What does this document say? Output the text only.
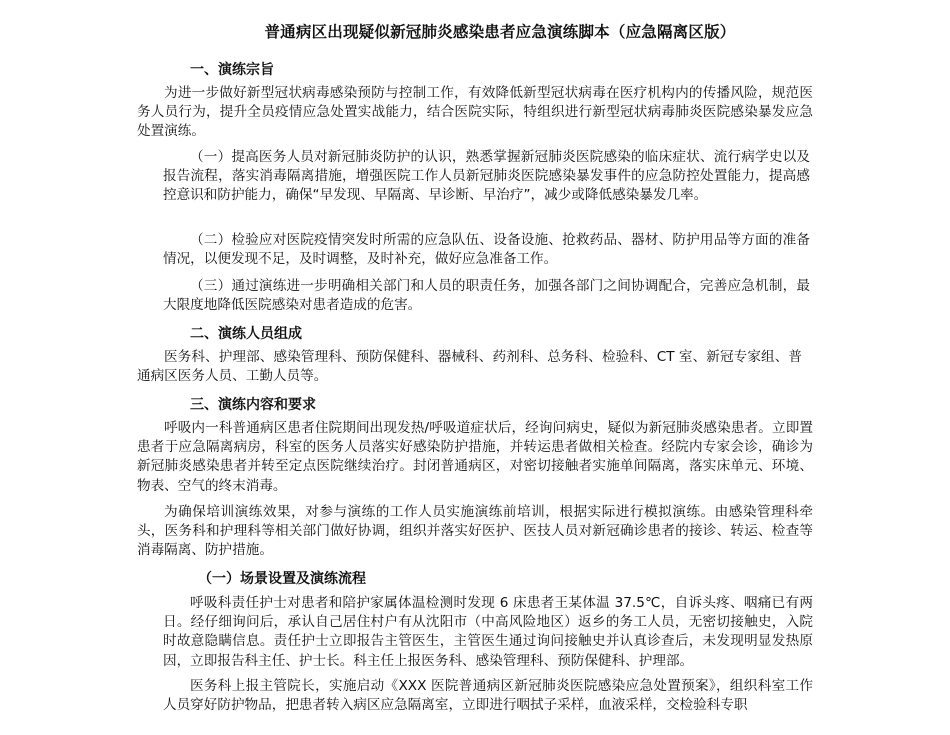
普通病区出现疑似新冠肺炎感染患者应急演练脚本（应急隔离区版）
一、演练宗旨
为进一步做好新型冠状病毒感染预防与控制工作，有效降低新型冠状病毒在医疗机构内的传播风险，规范医务人员行为，提升全员疫情应急处置实战能力，结合医院实际，特组织进行新型冠状病毒肺炎医院感染暴发应急处置演练。
（一）提高医务人员对新冠肺炎防护的认识，熟悉掌握新冠肺炎医院感染的临床症状、流行病学史以及报告流程，落实消毒隔离措施，增强医院工作人员新冠肺炎医院感染暴发事件的应急防控处置能力，提高感控意识和防护能力，确保“早发现、早隔离、早诊断、早治疗”，减少或降低感染暴发几率。
（二）检验应对医院疫情突发时所需的应急队伍、设备设施、抢救药品、器材、防护用品等方面的准备情况，以便发现不足，及时调整，及时补充，做好应急准备工作。
（三）通过演练进一步明确相关部门和人员的职责任务，加强各部门之间协调配合，完善应急机制，最大限度地降低医院感染对患者造成的危害。
二、演练人员组成
医务科、护理部、感染管理科、预防保健科、器械科、药剂科、总务科、检验科、CT 室、新冠专家组、普通病区医务人员、工勤人员等。
三、演练内容和要求
呼吸内一科普通病区患者住院期间出现发热/呼吸道症状后，经询问病史，疑似为新冠肺炎感染患者。立即置患者于应急隔离病房，科室的医务人员落实好感染防护措施，并转运患者做相关检查。经院内专家会诊，确诊为新冠肺炎感染患者并转至定点医院继续治疗。封闭普通病区，对密切接触者实施单间隔离，落实床单元、环境、物表、空气的终末消毒。
为确保培训演练效果，对参与演练的工作人员实施演练前培训，根据实际进行模拟演练。由感染管理科牵头，医务科和护理科等相关部门做好协调，组织并落实好医护、医技人员对新冠确诊患者的接诊、转运、检查等消毒隔离、防护措施。
（一）场景设置及演练流程
呼吸科责任护士对患者和陪护家属体温检测时发现 6 床患者王某体温 37.5℃，自诉头疼、咽痛已有两日。经仔细询问后，承认自己居住村户有从沈阳市（中高风险地区）返乡的务工人员，无密切接触史，入院时故意隐瞒信息。责任护士立即报告主管医生，主管医生通过询问接触史并认真诊查后，未发现明显发热原因，立即报告科主任、护士长。科主任上报医务科、感染管理科、预防保健科、护理部。
医务科上报主管院长，实施启动《XXX 医院普通病区新冠肺炎医院感染应急处置预案》，组织科室工作人员穿好防护物品，把患者转入病区应急隔离室，立即进行咽拭子采样，血液采样，交检验科专职
